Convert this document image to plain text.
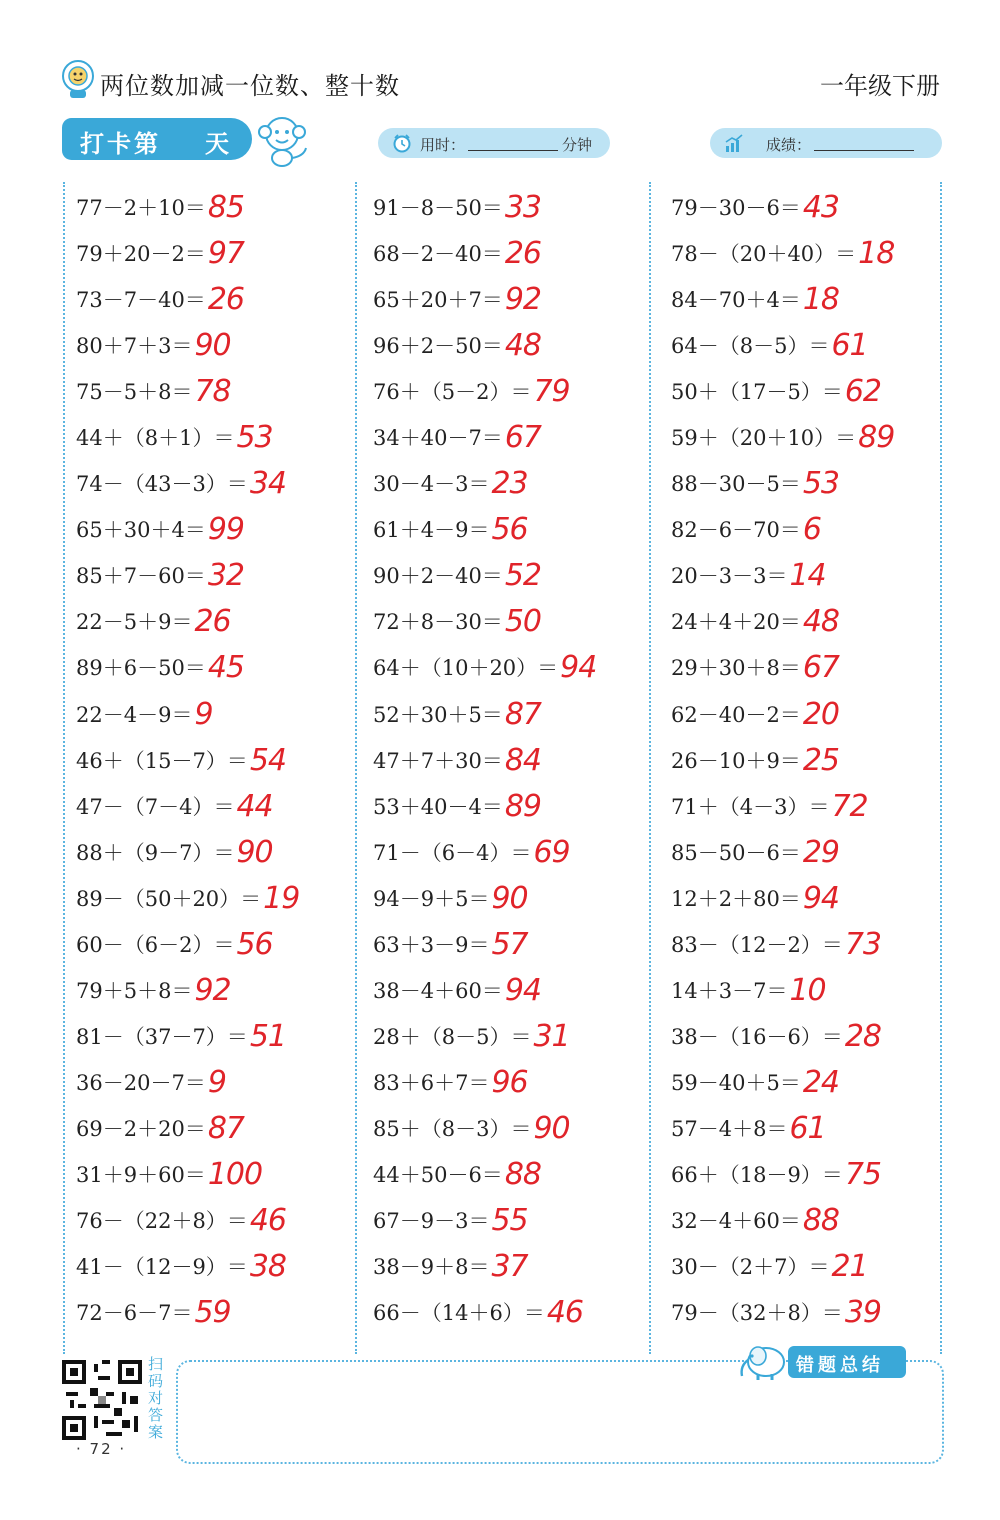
两位数加减一位数、整十数	一年级下册
打卡第 天	用时：	分钟	成绩：
77－2＋10＝85
79＋20－2＝97
73－7－40＝26
80＋7＋3＝90
75－5＋8＝78
44＋（8＋1）＝53
74－（43－3）＝34
65＋30＋4＝99
85＋7－60＝32
22－5＋9＝26
89＋6－50＝45
22－4－9＝9
46＋（15－7）＝54
47－（7－4）＝44
88＋（9－7）＝90
89－（50＋20）＝19
60－（6－2）＝56
79＋5＋8＝92
81－（37－7）＝51
36－20－7＝9
69－2＋20＝87
31＋9＋60＝100
76－（22＋8）＝46
41－（12－9）＝38
72－6－7＝59
91－8－50＝33
68－2－40＝26
65＋20＋7＝92
96＋2－50＝48
76＋（5－2）＝79
34＋40－7＝67
30－4－3＝23
61＋4－9＝56
90＋2－40＝52
72＋8－30＝50
64＋（10＋20）＝94
52＋30＋5＝87
47＋7＋30＝84
53＋40－4＝89
71－（6－4）＝69
94－9＋5＝90
63＋3－9＝57
38－4＋60＝94
28＋（8－5）＝31
83＋6＋7＝96
85＋（8－3）＝90
44＋50－6＝88
67－9－3＝55
38－9＋8＝37
66－（14＋6）＝46
79－30－6＝43
78－（20＋40）＝18
84－70＋4＝18
64－（8－5）＝61
50＋（17－5）＝62
59＋（20＋10）＝89
88－30－5＝53
82－6－70＝6
20－3－3＝14
24＋4＋20＝48
29＋30＋8＝67
62－40－2＝20
26－10＋9＝25
71＋（4－3）＝72
85－50－6＝29
12＋2＋80＝94
83－（12－2）＝73
14＋3－7＝10
38－（16－6）＝28
59－40＋5＝24
57－4＋8＝61
66＋（18－9）＝75
32－4＋60＝88
30－（2＋7）＝21
79－（32＋8）＝39
扫码对答案
· 72 ·
错题总结
